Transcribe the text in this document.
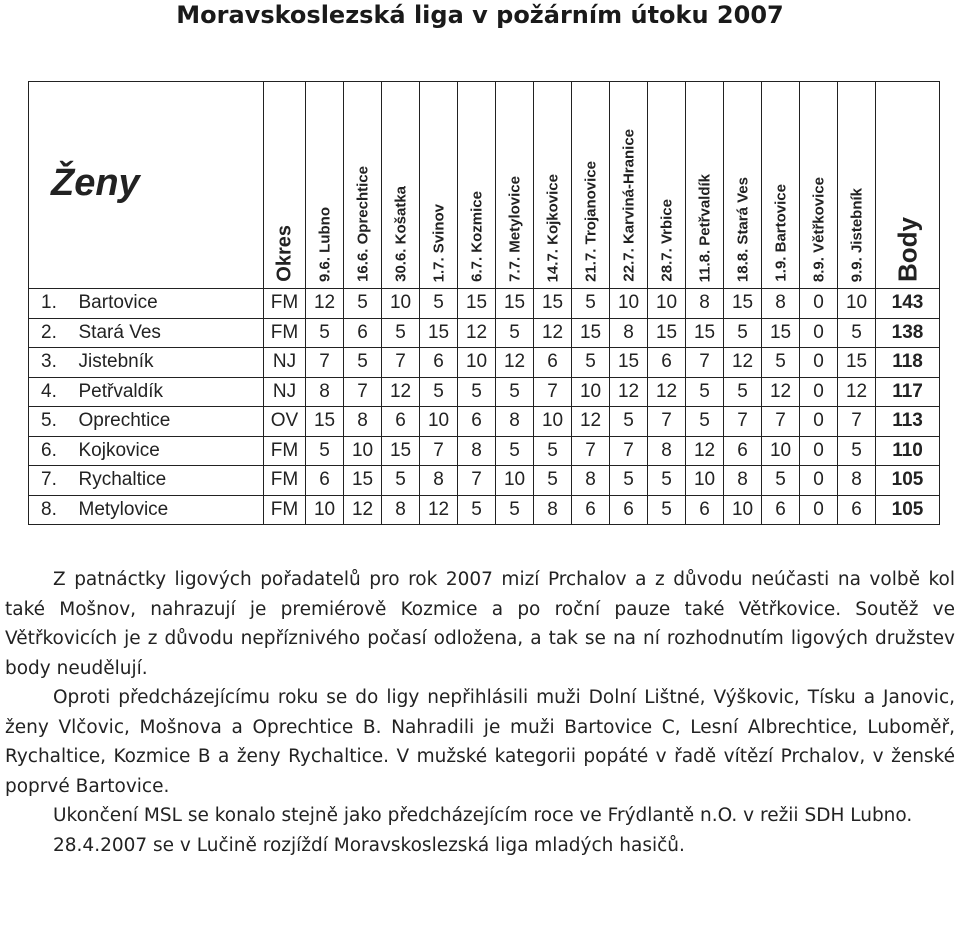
Moravskoslezská liga v požárním útoku 2007
Ženy		Okres	9.6. Lubno	16.6. Oprechtice	30.6. Košatka	1.7. Svinov	6.7. Kozmice	7.7. Metylovice	14.7. Kojkovice	21.7. Trojanovice	22.7. Karviná-Hranice	28.7. Vrbice	11.8. Petřvaldík	18.8. Stará Ves	1.9. Bartovice	8.9. Větřkovice	9.9. Jistebník	Body

1.	Bartovice	FM	12	5	10	5	15	15	15	5	10	10	8	15	8	0	10	143
2.	Stará Ves	FM	5	6	5	15	12	5	12	15	8	15	15	5	15	0	5	138
3.	Jistebník	NJ	7	5	7	6	10	12	6	5	15	6	7	12	5	0	15	118
4.	Petřvaldík	NJ	8	7	12	5	5	5	7	10	12	12	5	5	12	0	12	117
5.	Oprechtice	OV	15	8	6	10	6	8	10	12	5	7	5	7	7	0	7	113
6.	Kojkovice	FM	5	10	15	7	8	5	5	7	7	8	12	6	10	0	5	110
7.	Rychaltice	FM	6	15	5	8	7	10	5	8	5	5	10	8	5	0	8	105
8.	Metylovice	FM	10	12	8	12	5	5	8	6	6	5	6	10	6	0	6	105

Z patnáctky ligových pořadatelů pro rok 2007 mizí Prchalov a z důvodu neúčasti na volbě kol také Mošnov, nahrazují je premiérově Kozmice a po roční pauze také Větřkovice. Soutěž ve Větřkovicích je z důvodu nepříznivého počasí odložena, a tak se na ní rozhodnutím ligových družstev body neudělují.

Oproti předcházejícímu roku se do ligy nepřihlásili muži Dolní Lištné, Výškovic, Tísku a Janovic, ženy Vlčovic, Mošnova a Oprechtice B. Nahradili je muži Bartovice C, Lesní Albrechtice, Luboměř, Rychaltice, Kozmice B a ženy Rychaltice. V mužské kategorii popáté v řadě vítězí Prchalov, v ženské poprvé Bartovice.

Ukončení MSL se konalo stejně jako předcházejícím roce ve Frýdlantě n.O. v režii SDH Lubno.

28.4.2007 se v Lučině rozjíždí Moravskoslezská liga mladých hasičů.
